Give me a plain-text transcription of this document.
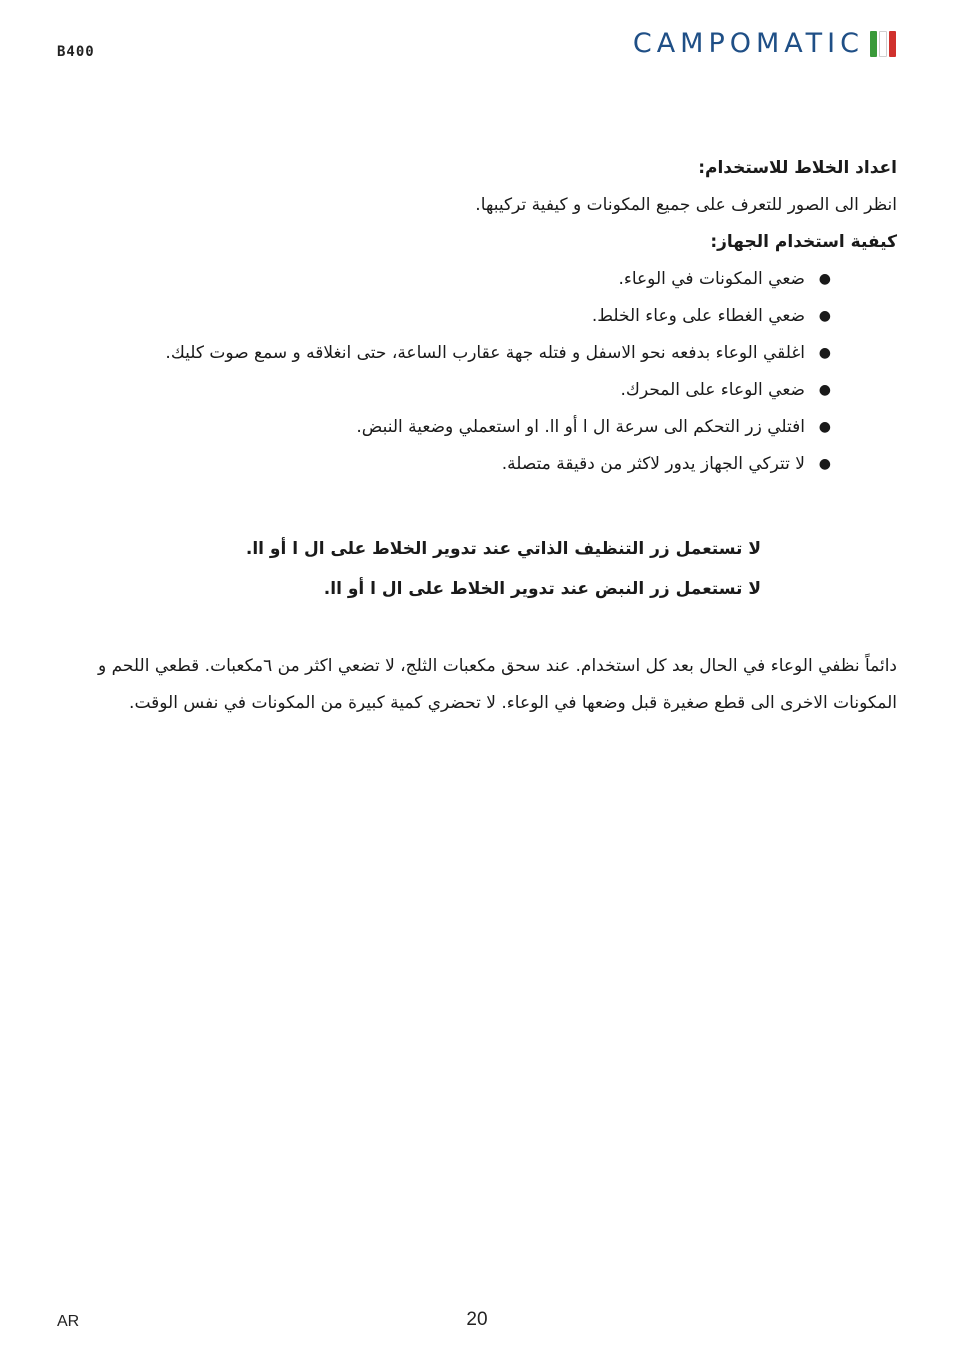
B400	CAMPOMATIC

اعداد الخلاط للاستخدام:

انظر الى الصور للتعرف على جميع المكونات و كيفية تركيبها.

كيفية استخدام الجهاز:

●
ضعي المكونات في الوعاء.
●
ضعي الغطاء على وعاء الخلط.
●
اغلقي الوعاء بدفعه نحو الاسفل و فتله جهة عقارب الساعة، حتى انغلاقه و سمع صوت كليك.
●
ضعي الوعاء على المحرك.
●
افتلي زر التحكم الى سرعة ال ا أو اا. او استعملي وضعية النبض.
●
لا تتركي الجهاز يدور لاكثر من دقيقة متصلة.

لا تستعمل زر التنظيف الذاتي عند تدوير الخلاط على ال ا أو اا.

لا تستعمل زر النبض عند تدوير الخلاط على ال ا أو اا.

دائماً نظفي الوعاء في الحال بعد كل استخدام. عند سحق مكعبات الثلج، لا تضعي اكثر من ٦مكعبات. قطعي اللحم و المكونات الاخرى الى قطع صغيرة قبل وضعها في الوعاء. لا تحضري كمية كبيرة من المكونات في نفس الوقت.

AR	20
